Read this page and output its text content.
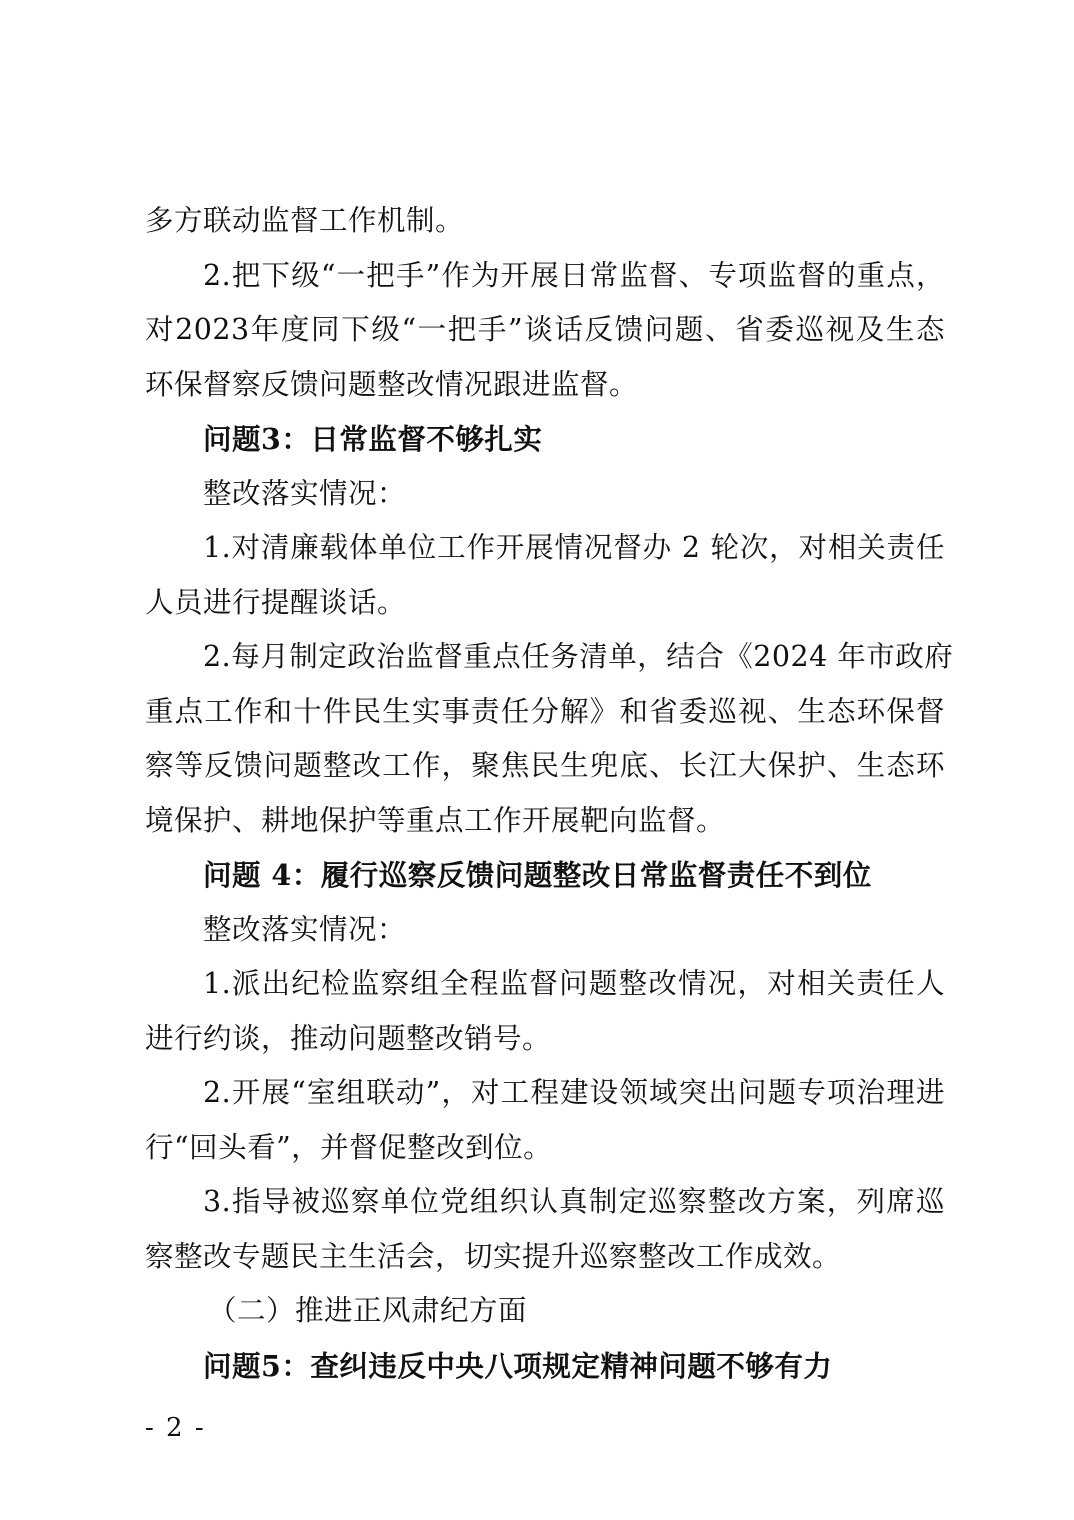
多方联动监督工作机制。
2.把下级“一把手”作为开展日常监督、专项监督的重点，
对2023年度同下级“一把手”谈话反馈问题、省委巡视及生态
环保督察反馈问题整改情况跟进监督。
问题3：日常监督不够扎实
整改落实情况：
1.对清廉载体单位工作开展情况督办 2 轮次，对相关责任
人员进行提醒谈话。
2.每月制定政治监督重点任务清单，结合《2024 年市政府
重点工作和十件民生实事责任分解》和省委巡视、生态环保督
察等反馈问题整改工作，聚焦民生兜底、长江大保护、生态环
境保护、耕地保护等重点工作开展靶向监督。
问题 4：履行巡察反馈问题整改日常监督责任不到位
整改落实情况：
1.派出纪检监察组全程监督问题整改情况，对相关责任人
进行约谈，推动问题整改销号。
2.开展“室组联动”，对工程建设领域突出问题专项治理进
行“回头看”，并督促整改到位。
3.指导被巡察单位党组织认真制定巡察整改方案，列席巡
察整改专题民主生活会，切实提升巡察整改工作成效。
（二）推进正风肃纪方面
问题5：查纠违反中央八项规定精神问题不够有力
- 2 -
